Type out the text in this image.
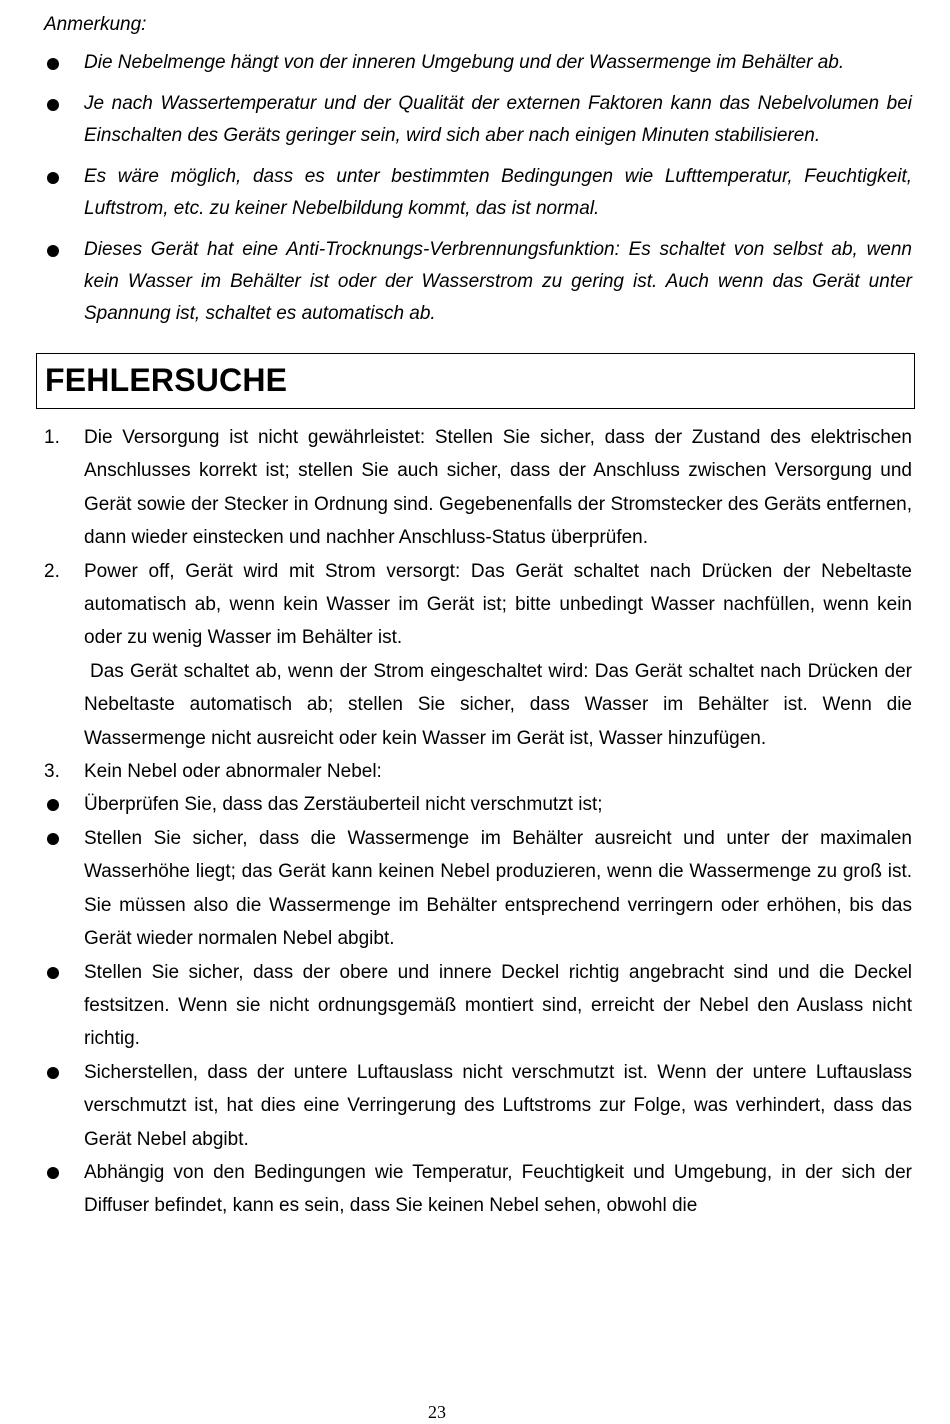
Anmerkung:

Die Nebelmenge hängt von der inneren Umgebung und der Wassermenge im Behälter ab.
Je nach Wassertemperatur und der Qualität der externen Faktoren kann das Nebelvolumen bei Einschalten des Geräts geringer sein, wird sich aber nach einigen Minuten stabilisieren.
Es wäre möglich, dass es unter bestimmten Bedingungen wie Lufttemperatur, Feuchtigkeit, Luftstrom, etc. zu keiner Nebelbildung kommt, das ist normal.
Dieses Gerät hat eine Anti-Trocknungs-Verbrennungsfunktion: Es schaltet von selbst ab, wenn kein Wasser im Behälter ist oder der Wasserstrom zu gering ist. Auch wenn das Gerät unter Spannung ist, schaltet es automatisch ab.
FEHLERSUCHE
1. Die Versorgung ist nicht gewährleistet: Stellen Sie sicher, dass der Zustand des elektrischen Anschlusses korrekt ist; stellen Sie auch sicher, dass der Anschluss zwischen Versorgung und Gerät sowie der Stecker in Ordnung sind. Gegebenenfalls der Stromstecker des Geräts entfernen, dann wieder einstecken und nachher Anschluss-Status überprüfen.
2. Power off, Gerät wird mit Strom versorgt: Das Gerät schaltet nach Drücken der Nebeltaste automatisch ab, wenn kein Wasser im Gerät ist; bitte unbedingt Wasser nachfüllen, wenn kein oder zu wenig Wasser im Behälter ist.
Das Gerät schaltet ab, wenn der Strom eingeschaltet wird: Das Gerät schaltet nach Drücken der Nebeltaste automatisch ab; stellen Sie sicher, dass Wasser im Behälter ist. Wenn die Wassermenge nicht ausreicht oder kein Wasser im Gerät ist, Wasser hinzufügen.
3. Kein Nebel oder abnormaler Nebel:
Überprüfen Sie, dass das Zerstäuberteil nicht verschmutzt ist;
Stellen Sie sicher, dass die Wassermenge im Behälter ausreicht und unter der maximalen Wasserhöhe liegt; das Gerät kann keinen Nebel produzieren, wenn die Wassermenge zu groß ist. Sie müssen also die Wassermenge im Behälter entsprechend verringern oder erhöhen, bis das Gerät wieder normalen Nebel abgibt.
Stellen Sie sicher, dass der obere und innere Deckel richtig angebracht sind und die Deckel festsitzen. Wenn sie nicht ordnungsgemäß montiert sind, erreicht der Nebel den Auslass nicht richtig.
Sicherstellen, dass der untere Luftauslass nicht verschmutzt ist. Wenn der untere Luftauslass verschmutzt ist, hat dies eine Verringerung des Luftstroms zur Folge, was verhindert, dass das Gerät Nebel abgibt.
Abhängig von den Bedingungen wie Temperatur, Feuchtigkeit und Umgebung, in der sich der Diffuser befindet, kann es sein, dass Sie keinen Nebel sehen, obwohl die
23
